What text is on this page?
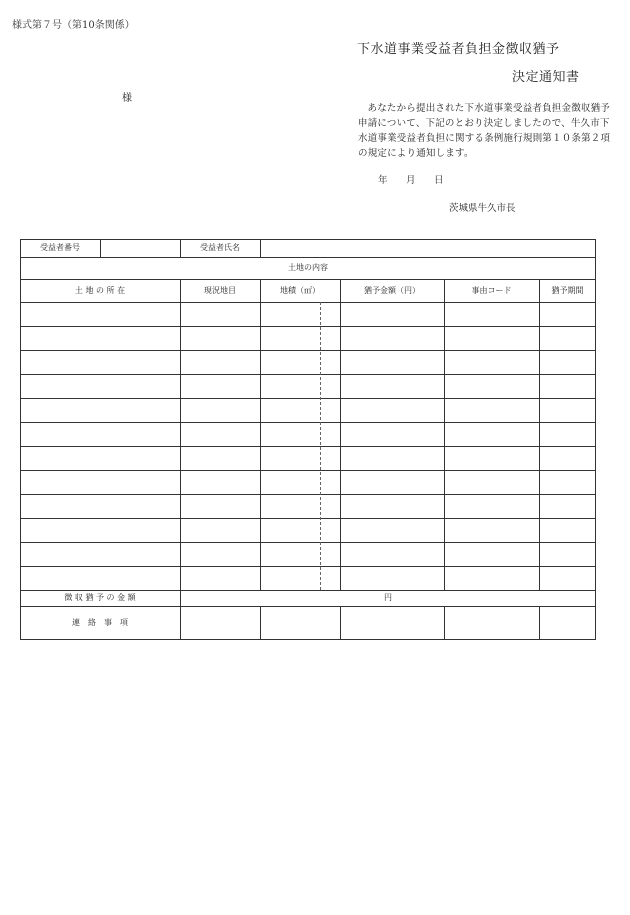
様式第７号（第10条関係）
下水道事業受益者負担金徴収猶予
決定通知書
様
あなたから提出された下水道事業受益者負担金徴収猶予申請について、下記のとおり決定しましたので、牛久市下水道事業受益者負担に関する条例施行規則第１０条第２項の規定により通知します。
年 月 日
茨城県牛久市長
受益者番号	受益者氏名
土地の内容
土 地 の 所 在	現況地目	地積（㎡）	猶予金額（円）	事由コード	猶予期間
徴 収 猶 予 の 金 額	円
連　絡　事　項
